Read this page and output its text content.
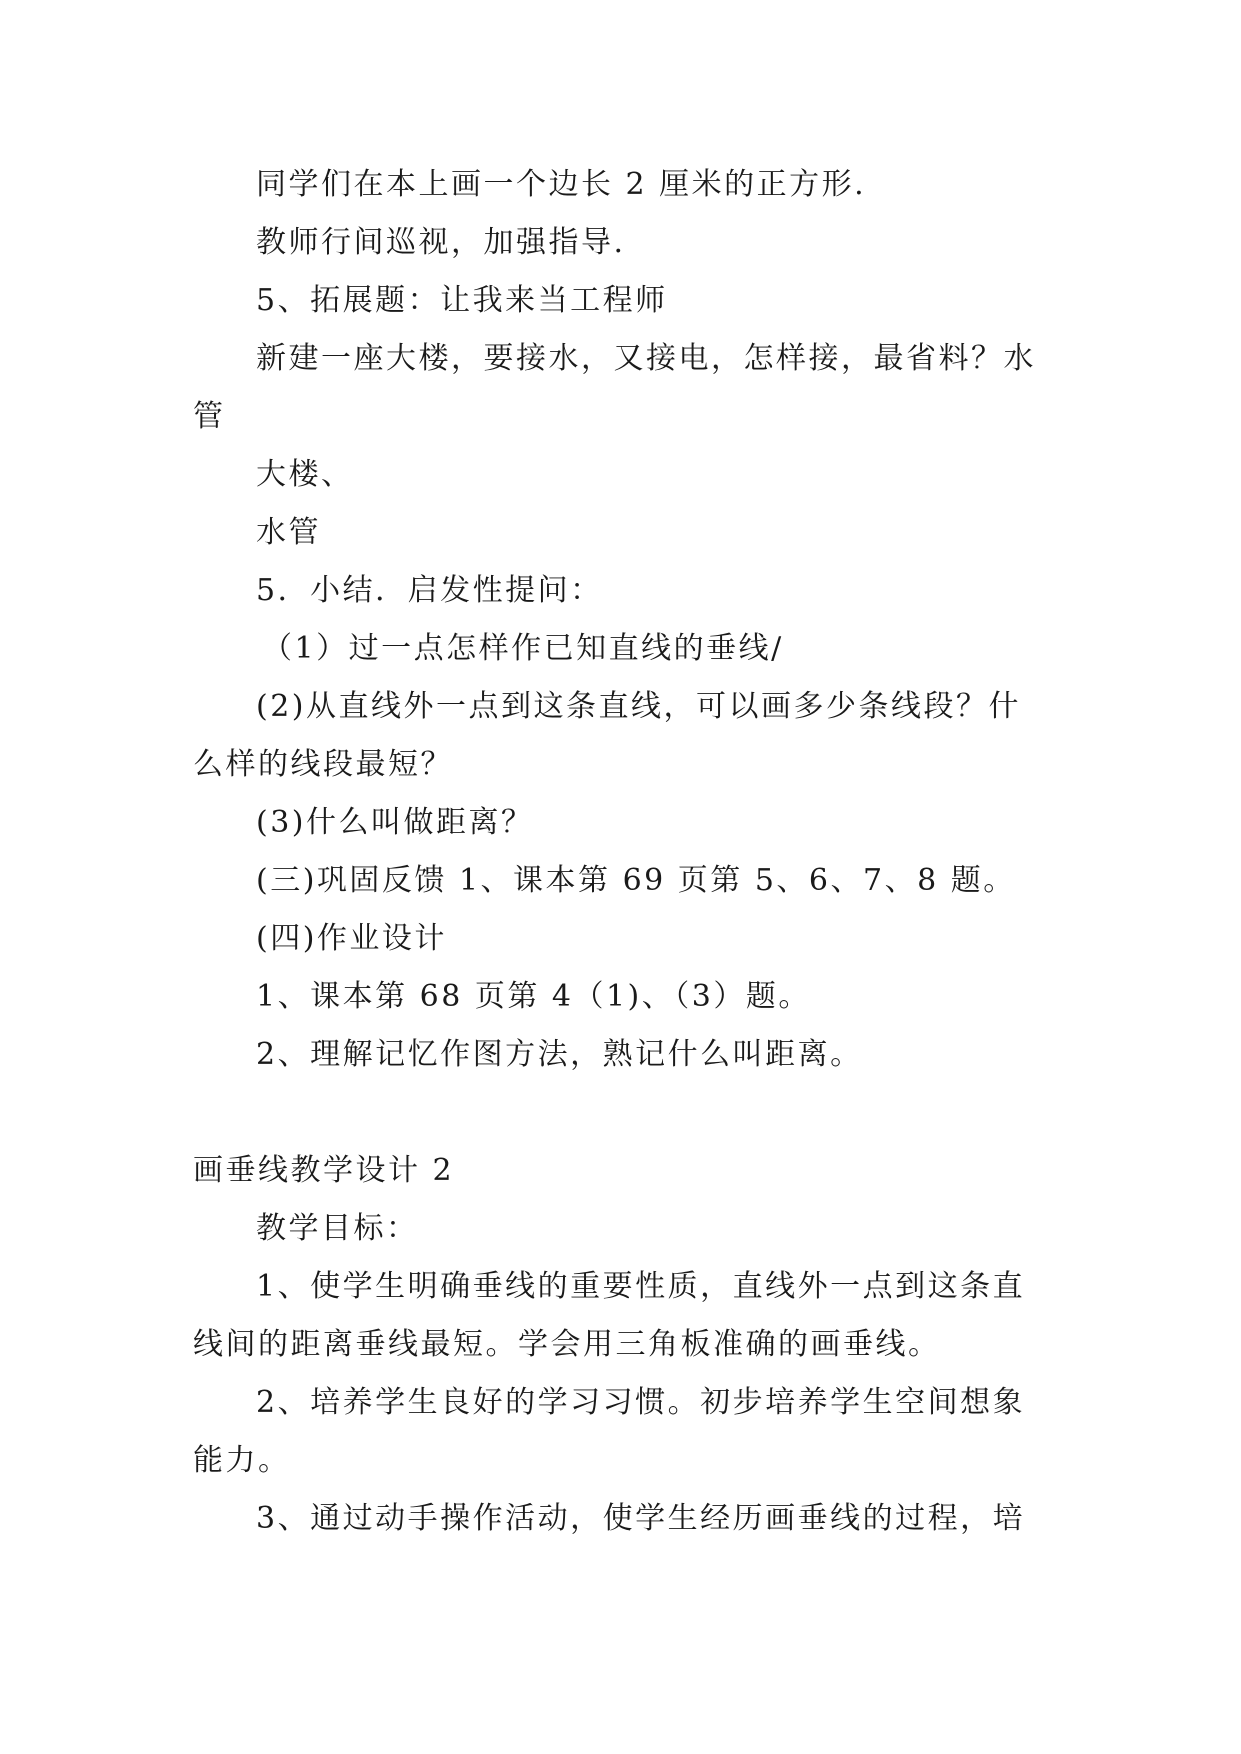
同学们在本上画一个边长 2 厘米的正方形.
教师行间巡视，加强指导.
5、拓展题：让我来当工程师
新建一座大楼，要接水，又接电，怎样接，最省料？水
管
大楼、
水管
5．小结．启发性提问：
（1）过一点怎样作已知直线的垂线/
(2)从直线外一点到这条直线，可以画多少条线段？什
么样的线段最短？
(3)什么叫做距离？
(三)巩固反馈 1、课本第 69 页第 5、6、7、8 题。
(四)作业设计
1、课本第 68 页第 4（1)、（3）题。
2、理解记忆作图方法，熟记什么叫距离。
画垂线教学设计 2
教学目标：
1、使学生明确垂线的重要性质，直线外一点到这条直
线间的距离垂线最短。学会用三角板准确的画垂线。
2、培养学生良好的学习习惯。初步培养学生空间想象
能力。
3、通过动手操作活动，使学生经历画垂线的过程，培
